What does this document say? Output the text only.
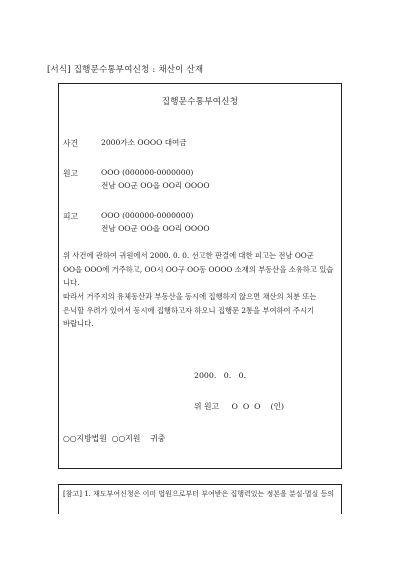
[서식] 집행문수통부여신청 : 채산이 산재
집행문수통부여신청
사건	2000가소 OOOO 대여금
원고	OOO (000000-0000000)
전남 OO군 OO읍 OO리 OOOO
피고	OOO (000000-0000000)
전남 OO군 OO읍 OO리 OOOO
위 사건에 관하여 귀원에서 2000. 0. 0. 선고한 판결에 대한 피고는 전남 OO군
OO읍 OOO에 거주하고, OO시 OO구 OO동 OOOO 소재의 부동산을 소유하고 있습
니다.
따라서 거주지의 유체동산과 부동산을 동시에 집행하지 않으면 채산의 처분 또는
은닉할 우려가 있어서 동시에 집행하고자 하오니 집행문 2통을 부여하여 주시기
바랍니다.
2000.   0.   0.
위 원고     O  O  O    (인)
○○지방법원  ○○지원    귀중
[참고] 1. 재도부여신청은 이미 법원으로부터 부여받은 집행력있는 정본을 분실·멸실 등의
